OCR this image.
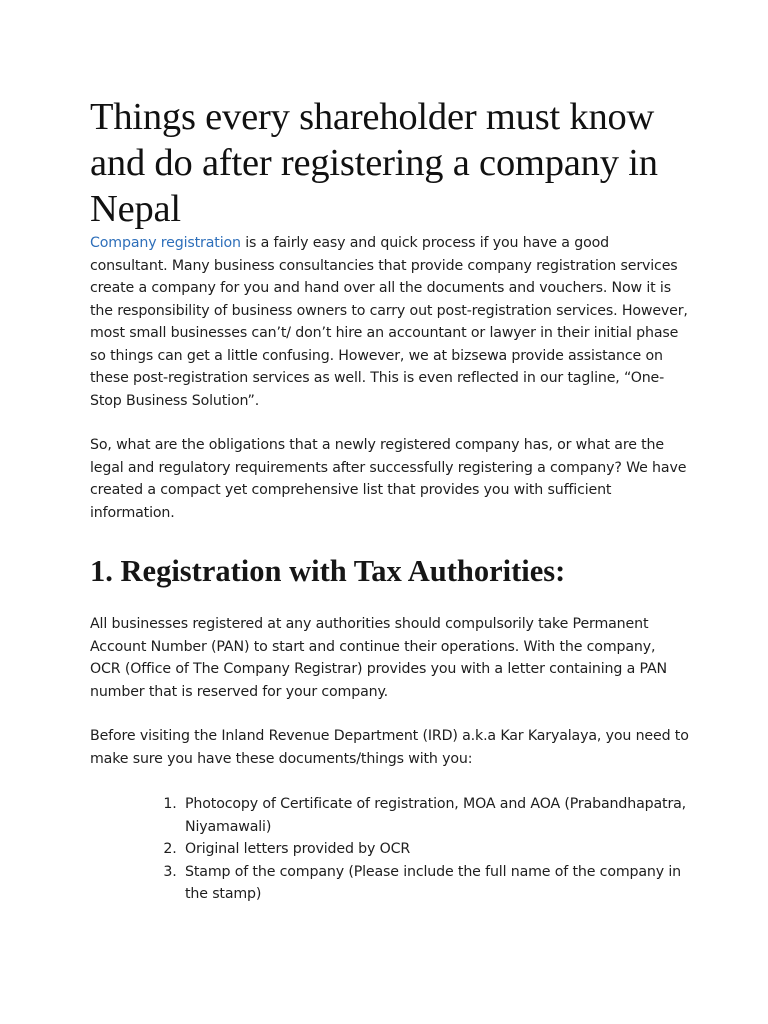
Things every shareholder must know and do after registering a company in Nepal

Company registration is a fairly easy and quick process if you have a good consultant. Many business consultancies that provide company registration services create a company for you and hand over all the documents and vouchers. Now it is the responsibility of business owners to carry out post-registration services. However, most small businesses can’t/ don’t hire an accountant or lawyer in their initial phase so things can get a little confusing. However, we at bizsewa provide assistance on these post-registration services as well. This is even reflected in our tagline, “One-Stop Business Solution”.

So, what are the obligations that a newly registered company has, or what are the legal and regulatory requirements after successfully registering a company? We have created a compact yet comprehensive list that provides you with sufficient information.

1. Registration with Tax Authorities:

All businesses registered at any authorities should compulsorily take Permanent Account Number (PAN) to start and continue their operations. With the company, OCR (Office of The Company Registrar) provides you with a letter containing a PAN number that is reserved for your company.

Before visiting the Inland Revenue Department (IRD) a.k.a Kar Karyalaya, you need to make sure you have these documents/things with you:

1. Photocopy of Certificate of registration, MOA and AOA (Prabandhapatra, Niyamawali)
2. Original letters provided by OCR
3. Stamp of the company (Please include the full name of the company in the stamp)
